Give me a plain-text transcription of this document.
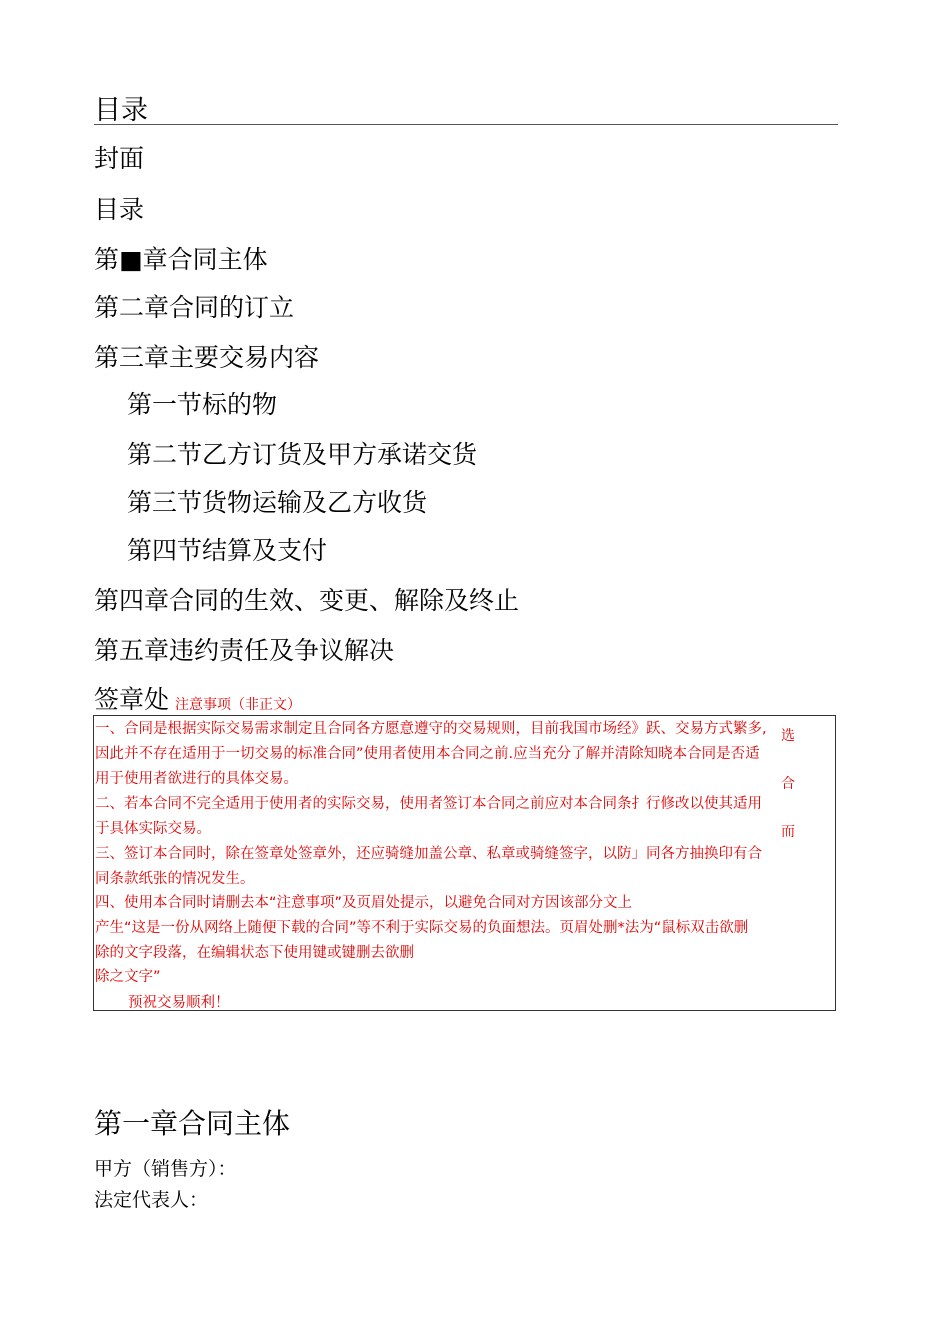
目录
封面
目录
第■章合同主体
第二章合同的订立
第三章主要交易内容
第一节标的物
第二节乙方订货及甲方承诺交货
第三节货物运输及乙方收货
第四节结算及支付
第四章合同的生效、变更、解除及终止
第五章违约责任及争议解决
签章处 注意事项（非正文）
一、合同是根据实际交易需求制定且合同各方愿意遵守的交易规则，目前我国市场经》跃、交易方式繁多,
因此并不存在适用于一切交易的标准合同”使用者使用本合同之前.应当充分了解并清除知晓本合同是否适
用于使用者欲进行的具体交易。
二、若本合同不完全适用于使用者的实际交易，使用者签订本合同之前应对本合同条扌行修改以使其适用
于具体实际交易。
三、签订本合同时，除在签章处签章外，还应骑缝加盖公章、私章或骑缝签字，以防」同各方抽换印有合
同条款纸张的情况发生。
四、使用本合同时请删去本“注意事项”及页眉处提示，以避免合同对方因该部分文上
产生“这是一份从网络上随便下载的合同”等不利于实际交易的负面想法。页眉处删*法为“鼠标双击欲删
除的文字段落，在编辑状态下使用键或键删去欲删
除之文字”
预祝交易顺利！
选
合
而
第一章合同主体
甲方（销售方）：
法定代表人：
